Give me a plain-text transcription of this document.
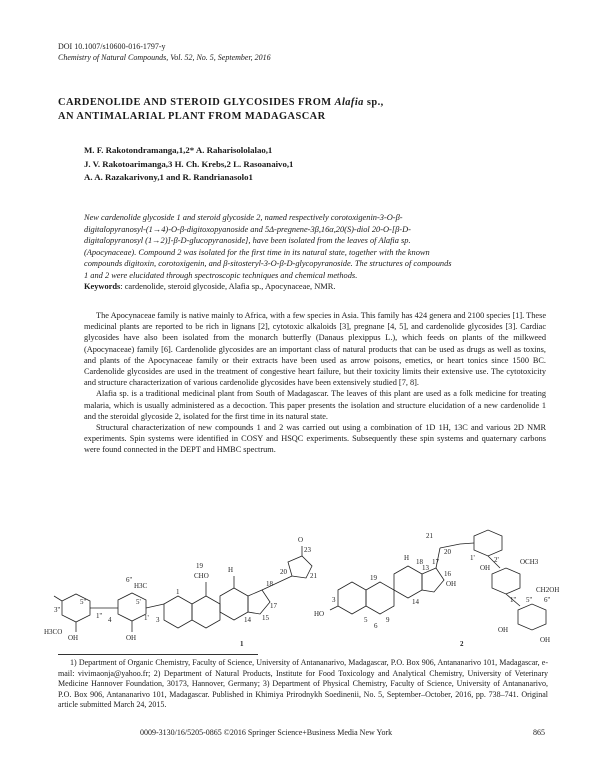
DOI 10.1007/s10600-016-1797-y
Chemistry of Natural Compounds, Vol. 52, No. 5, September, 2016
CARDENOLIDE AND STEROID GLYCOSIDES FROM Alafia sp.,
AN ANTIMALARIAL PLANT FROM MADAGASCAR
M. F. Rakotondramanga,1,2* A. Raharisololalao,1
J. V. Rakotoarimanga,3 H. Ch. Krebs,2 L. Rasoanaivo,1
A. A. Razakarivony,1 and R. Randrianasolo1
New cardenolide glycoside 1 and steroid glycoside 2, named respectively corotoxigenin-3-O-β-
digitalopyranosyl-(1→4)-O-β-digitoxopyanoside and 5Δ-pregnene-3β,16α,20(S)-diol 20-O-[β-D-
digitalopyranosyl (1→2)]-β-D-glucopyranoside], have been isolated from the leaves of Alafia sp.
(Apocynaceae). Compound 2 was isolated for the first time in its natural state, together with the known
compounds digitoxin, corotoxigenin, and β-sitosteryl-3-O-β-D-glycopyranoside. The structures of compounds
1 and 2 were elucidated through spectroscopic techniques and chemical methods.
Keywords: cardenolide, steroid glycoside, Alafia sp., Apocynaceae, NMR.

The Apocynaceae family is native mainly to Africa, with a few species in Asia. This family has 424 genera and 2100 species [1]. These medicinal plants are reported to be rich in lignans [2], cytotoxic alkaloids [3], pregnane [4, 5], and cardenolide glycosides [3]. Cardiac glycosides have also been isolated from the monarch butterfly (Danaus plexippus L.), which feeds on plants of the milkweed (Apocynaceae) family [6]. Cardenolide glycosides are an important class of natural products that can be used as drugs as well as toxins, and plants of the Apocynaceae family or their extracts have been used as arrow poisons, emetics, or heart tonics since 1500 BC. Cardenolide glycosides are used in the treatment of congestive heart failure, but their toxicity limits their extensive use. The cytotoxicity and structure characterization of various cardenolide glycosides have been extensively studied [7, 8].

Alafia sp. is a traditional medicinal plant from South of Madagascar. The leaves of this plant are used as a folk medicine for treating malaria, which is usually administered as a decoction. This paper presents the isolation and structure elucidation of a new cardenolide 1 and the steroidal glycoside 2, isolated for the first time in its natural state.

Structural characterization of new compounds 1 and 2 was carried out using a combination of 1D 1H, 13C and various 2D NMR experiments. Spin systems were identified in COSY and HSQC experiments. Subsequently these spin systems and quaternary carbons were found connected in the DEPT and HMBC spectrum.

H3CO
OH	OH
H3C
CHO
19	H
O
23
21
20
18
17
14 15
3
1
3''
5''
1''
5'
1'
4
6''
1
HO
OH
OH
OH
OH
OCH3
CH2OH
H
21
20
18
19
17
16
13
14
9
3
5
6
1'	2'
1'' 5'' 6''
2

1) Department of Organic Chemistry, Faculty of Science, University of Antananarivo, Madagascar, P.O. Box 906, Antananarivo 101, Madagascar, e-mail: vivimaonja@yahoo.fr; 2) Department of Natural Products, Institute for Food Toxicology and Analytical Chemistry, University of Veterinary Medicine Hannover Foundation, 30173, Hannover, Germany; 3) Department of Physical Chemistry, Faculty of Science, University of Antananarivo, P.O. Box 906, Antananarivo 101, Madagascar. Published in Khimiya Prirodnykh Soedinenii, No. 5, September–October, 2016, pp. 738–741. Original article submitted March 24, 2015.

0009-3130/16/5205-0865 ©2016 Springer Science+Business Media New York	865
